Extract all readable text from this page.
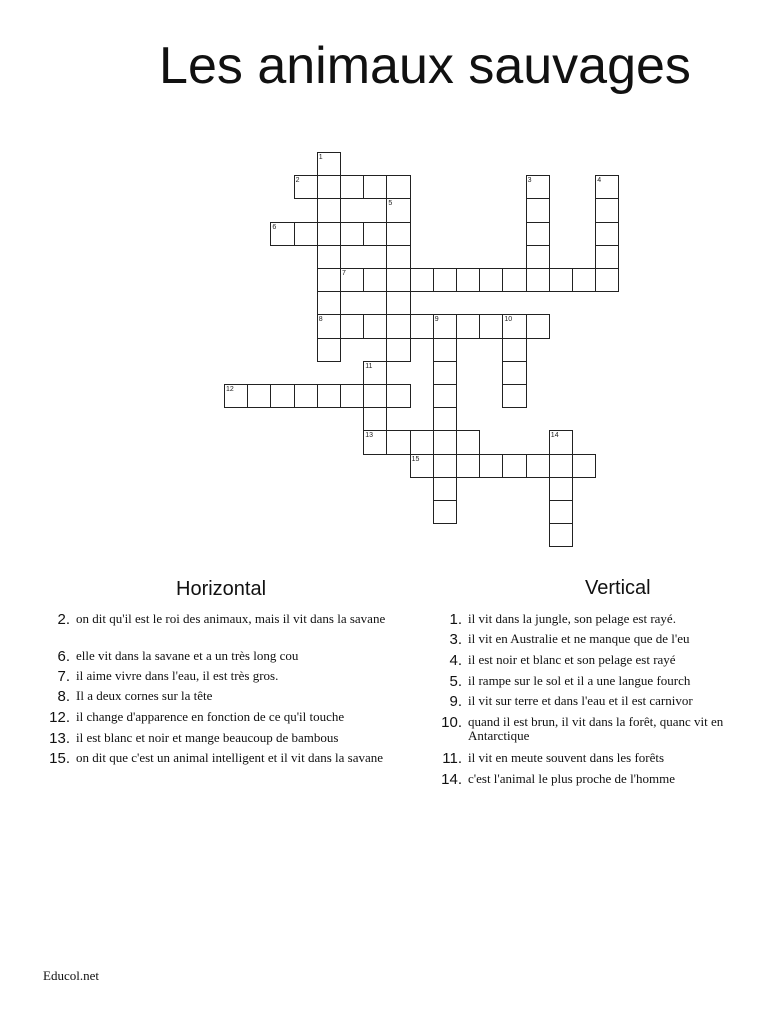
Les animaux sauvages
1
2	3	4
5
6
7
8	9	10
11
12
13	14
15
Horizontal	Vertical
2. on dit qu'il est le roi des animaux, mais il vit dans la savane
6. elle vit dans la savane et a un très long cou
7. il aime vivre dans l'eau, il est très gros.
8. Il a deux cornes sur la tête
12. il change d'apparence en fonction de ce qu'il touche
13. il est blanc et noir et mange beaucoup de bambous
15. on dit que c'est un animal intelligent et il vit dans la savane
1. il vit dans la jungle, son pelage est rayé.
3. il vit en Australie et ne manque que de l'eu
4. il est noir et blanc et son pelage est rayé
5. il rampe sur le sol et il a une langue fourch
9. il vit sur terre et dans l'eau et il est carnivor
10. quand il est brun, il vit dans la forêt, quanc vit en Antarctique
11. il vit en meute souvent dans les forêts
14. c'est l'animal le plus proche de l'homme
Educol.net
